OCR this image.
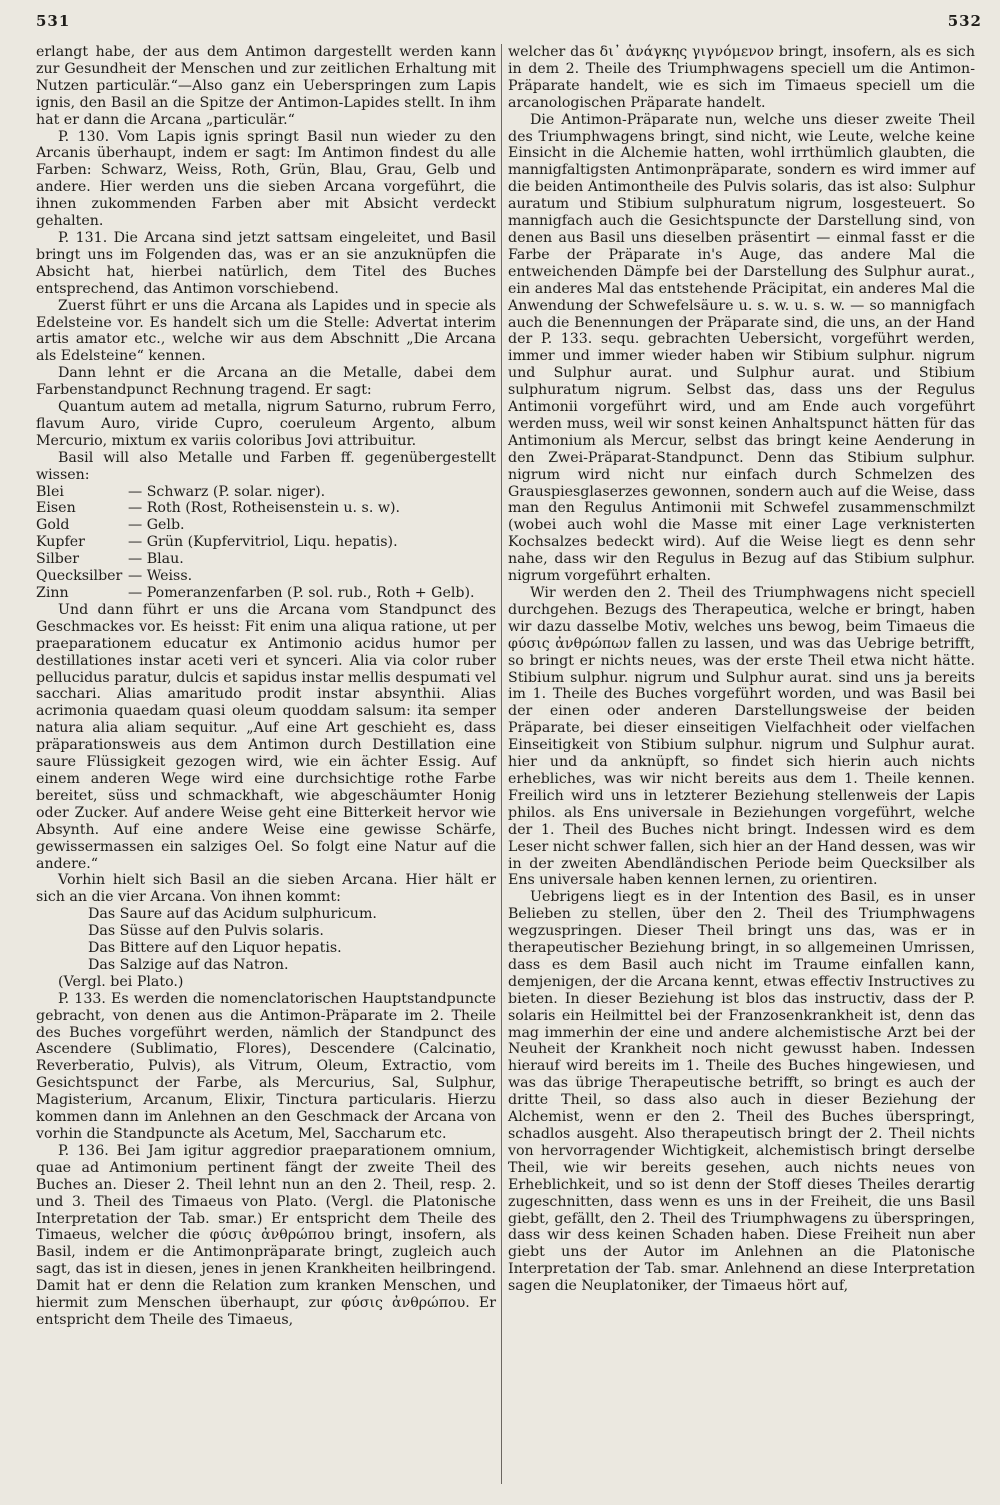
531	532

erlangt habe, der aus dem Antimon dargestellt werden kann zur Gesundheit der Menschen und zur zeitlichen Erhaltung mit Nutzen particulär.“—Also ganz ein Ueberspringen zum Lapis ignis, den Basil an die Spitze der Antimon-Lapides stellt. In ihm hat er dann die Arcana „particulär.“

P. 130. Vom Lapis ignis springt Basil nun wieder zu den Arcanis überhaupt, indem er sagt: Im Antimon findest du alle Farben: Schwarz, Weiss, Roth, Grün, Blau, Grau, Gelb und andere. Hier werden uns die sieben Arcana vorgeführt, die ihnen zukommenden Farben aber mit Absicht verdeckt gehalten.

P. 131. Die Arcana sind jetzt sattsam eingeleitet, und Basil bringt uns im Folgenden das, was er an sie anzuknüpfen die Absicht hat, hierbei natürlich, dem Titel des Buches entsprechend, das Antimon vorschiebend.

Zuerst führt er uns die Arcana als Lapides und in specie als Edelsteine vor. Es handelt sich um die Stelle: Advertat interim artis amator etc., welche wir aus dem Abschnitt „Die Arcana als Edelsteine“ kennen.

Dann lehnt er die Arcana an die Metalle, dabei dem Farbenstandpunct Rechnung tragend. Er sagt:

Quantum autem ad metalla, nigrum Saturno, rubrum Ferro, flavum Auro, viride Cupro, coeruleum Argento, album Mercurio, mixtum ex variis coloribus Jovi attribuitur.

Basil will also Metalle und Farben ff. gegenübergestellt wissen:

Blei	— Schwarz (P. solar. niger).
Eisen	— Roth (Rost, Rotheisenstein u. s. w).
Gold	— Gelb.
Kupfer	— Grün (Kupfervitriol, Liqu. hepatis).
Silber	— Blau.
Quecksilber — Weiss.
Zinn	— Pomeranzenfarben (P. sol. rub., Roth + Gelb).

Und dann führt er uns die Arcana vom Standpunct des Geschmackes vor. Es heisst: Fit enim una aliqua ratione, ut per praeparationem educatur ex Antimonio acidus humor per destillationes instar aceti veri et synceri. Alia via color ruber pellucidus paratur, dulcis et sapidus instar mellis despumati vel sacchari. Alias amaritudo prodit instar absynthii. Alias acrimonia quaedam quasi oleum quoddam salsum: ita semper natura alia aliam sequitur. „Auf eine Art geschieht es, dass präparationsweis aus dem Antimon durch Destillation eine saure Flüssigkeit gezogen wird, wie ein ächter Essig. Auf einem anderen Wege wird eine durchsichtige rothe Farbe bereitet, süss und schmackhaft, wie abgeschäumter Honig oder Zucker. Auf andere Weise geht eine Bitterkeit hervor wie Absynth. Auf eine andere Weise eine gewisse Schärfe, gewissermassen ein salziges Oel. So folgt eine Natur auf die andere.“

Vorhin hielt sich Basil an die sieben Arcana. Hier hält er sich an die vier Arcana. Von ihnen kommt:

Das Saure auf das Acidum sulphuricum.

Das Süsse auf den Pulvis solaris.

Das Bittere auf den Liquor hepatis.

Das Salzige auf das Natron.

(Vergl. bei Plato.)

P. 133. Es werden die nomenclatorischen Hauptstandpuncte gebracht, von denen aus die Antimon-Präparate im 2. Theile des Buches vorgeführt werden, nämlich der Standpunct des Ascendere (Sublimatio, Flores), Descendere (Calcinatio, Reverberatio, Pulvis), als Vitrum, Oleum, Extractio, vom Gesichtspunct der Farbe, als Mercurius, Sal, Sulphur, Magisterium, Arcanum, Elixir, Tinctura particularis. Hierzu kommen dann im Anlehnen an den Geschmack der Arcana von vorhin die Standpuncte als Acetum, Mel, Saccharum etc.

P. 136. Bei Jam igitur aggredior praeparationem omnium, quae ad Antimonium pertinent fängt der zweite Theil des Buches an. Dieser 2. Theil lehnt nun an den 2. Theil, resp. 2. und 3. Theil des Timaeus von Plato. (Vergl. die Platonische Interpretation der Tab. smar.) Er entspricht dem Theile des Timaeus, welcher die φύσις ἀνθρώπου bringt, insofern, als Basil, indem er die Antimonpräparate bringt, zugleich auch sagt, das ist in diesen, jenes in jenen Krankheiten heilbringend. Damit hat er denn die Relation zum kranken Menschen, und hiermit zum Menschen überhaupt, zur φύσις ἀνθρώπου. Er entspricht dem Theile des Timaeus,

welcher das δι᾽ ἀνάγκης γιγνόμενον bringt, insofern, als es sich in dem 2. Theile des Triumphwagens speciell um die Antimon-Präparate handelt, wie es sich im Timaeus speciell um die arcanologischen Präparate handelt.

Die Antimon-Präparate nun, welche uns dieser zweite Theil des Triumphwagens bringt, sind nicht, wie Leute, welche keine Einsicht in die Alchemie hatten, wohl irrthümlich glaubten, die mannigfaltigsten Antimonpräparate, sondern es wird immer auf die beiden Antimontheile des Pulvis solaris, das ist also: Sulphur auratum und Stibium sulphuratum nigrum, losgesteuert. So mannigfach auch die Gesichtspuncte der Darstellung sind, von denen aus Basil uns dieselben präsentirt — einmal fasst er die Farbe der Präparate in's Auge, das andere Mal die entweichenden Dämpfe bei der Darstellung des Sulphur aurat., ein anderes Mal das entstehende Präcipitat, ein anderes Mal die Anwendung der Schwefelsäure u. s. w. u. s. w. — so mannigfach auch die Benennungen der Präparate sind, die uns, an der Hand der P. 133. sequ. gebrachten Uebersicht, vorgeführt werden, immer und immer wieder haben wir Stibium sulphur. nigrum und Sulphur aurat. und Sulphur aurat. und Stibium sulphuratum nigrum. Selbst das, dass uns der Regulus Antimonii vorgeführt wird, und am Ende auch vorgeführt werden muss, weil wir sonst keinen Anhaltspunct hätten für das Antimonium als Mercur, selbst das bringt keine Aenderung in den Zwei-Präparat-Standpunct. Denn das Stibium sulphur. nigrum wird nicht nur einfach durch Schmelzen des Grauspiesglaserzes gewonnen, sondern auch auf die Weise, dass man den Regulus Antimonii mit Schwefel zusammenschmilzt (wobei auch wohl die Masse mit einer Lage verknisterten Kochsalzes bedeckt wird). Auf die Weise liegt es denn sehr nahe, dass wir den Regulus in Bezug auf das Stibium sulphur. nigrum vorgeführt erhalten.

Wir werden den 2. Theil des Triumphwagens nicht speciell durchgehen. Bezugs des Therapeutica, welche er bringt, haben wir dazu dasselbe Motiv, welches uns bewog, beim Timaeus die φύσις ἀνθρώπων fallen zu lassen, und was das Uebrige betrifft, so bringt er nichts neues, was der erste Theil etwa nicht hätte. Stibium sulphur. nigrum und Sulphur aurat. sind uns ja bereits im 1. Theile des Buches vorgeführt worden, und was Basil bei der einen oder anderen Darstellungsweise der beiden Präparate, bei dieser einseitigen Vielfachheit oder vielfachen Einseitigkeit von Stibium sulphur. nigrum und Sulphur aurat. hier und da anknüpft, so findet sich hierin auch nichts erhebliches, was wir nicht bereits aus dem 1. Theile kennen. Freilich wird uns in letzterer Beziehung stellenweis der Lapis philos. als Ens universale in Beziehungen vorgeführt, welche der 1. Theil des Buches nicht bringt. Indessen wird es dem Leser nicht schwer fallen, sich hier an der Hand dessen, was wir in der zweiten Abendländischen Periode beim Quecksilber als Ens universale haben kennen lernen, zu orientiren.

Uebrigens liegt es in der Intention des Basil, es in unser Belieben zu stellen, über den 2. Theil des Triumphwagens wegzuspringen. Dieser Theil bringt uns das, was er in therapeutischer Beziehung bringt, in so allgemeinen Umrissen, dass es dem Basil auch nicht im Traume einfallen kann, demjenigen, der die Arcana kennt, etwas effectiv Instructives zu bieten. In dieser Beziehung ist blos das instructiv, dass der P. solaris ein Heilmittel bei der Franzosenkrankheit ist, denn das mag immerhin der eine und andere alchemistische Arzt bei der Neuheit der Krankheit noch nicht gewusst haben. Indessen hierauf wird bereits im 1. Theile des Buches hingewiesen, und was das übrige Therapeutische betrifft, so bringt es auch der dritte Theil, so dass also auch in dieser Beziehung der Alchemist, wenn er den 2. Theil des Buches überspringt, schadlos ausgeht. Also therapeutisch bringt der 2. Theil nichts von hervorragender Wichtigkeit, alchemistisch bringt derselbe Theil, wie wir bereits gesehen, auch nichts neues von Erheblichkeit, und so ist denn der Stoff dieses Theiles derartig zugeschnitten, dass wenn es uns in der Freiheit, die uns Basil giebt, gefällt, den 2. Theil des Triumphwagens zu überspringen, dass wir dess keinen Schaden haben. Diese Freiheit nun aber giebt uns der Autor im Anlehnen an die Platonische Interpretation der Tab. smar. Anlehnend an diese Interpretation sagen die Neuplatoniker, der Timaeus hört auf,
